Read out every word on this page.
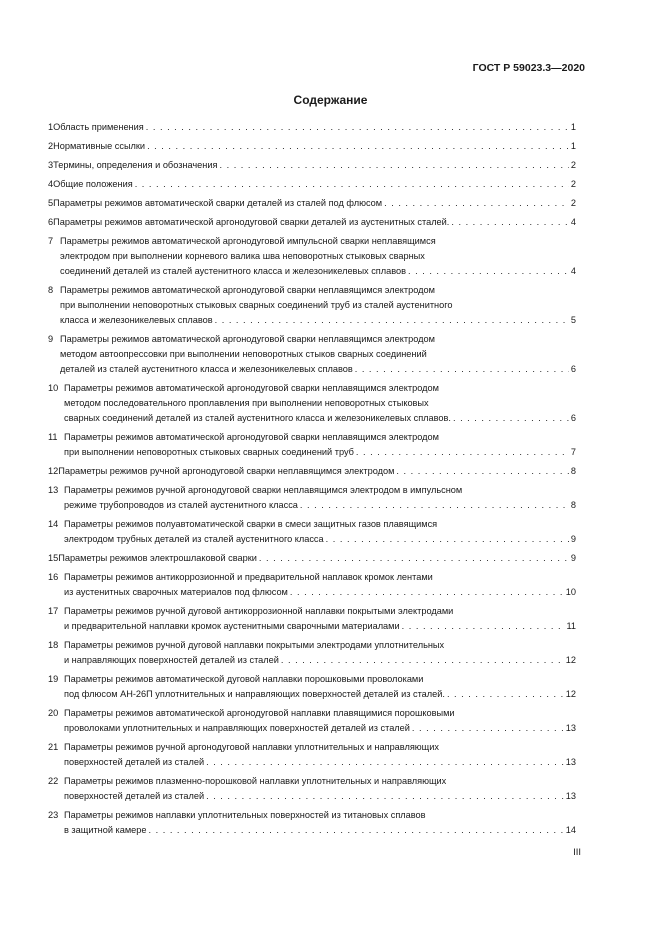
ГОСТ Р 59023.3—2020
Содержание
1 Область применения . . .	1
2 Нормативные ссылки . . .	1
3 Термины, определения и обозначения . . .	2
4 Общие положения . . .	2
5 Параметры режимов автоматической сварки деталей из сталей под флюсом . . .	2
6 Параметры режимов автоматической аргонодуговой сварки деталей из аустенитных сталей. . . .	4
7 Параметры режимов автоматической аргонодуговой импульсной сварки неплавящимся
электродом при выполнении корневого валика шва неповоротных стыковых сварных
соединений деталей из сталей аустенитного класса и железоникелевых сплавов . . .	4
8 Параметры режимов автоматической аргонодуговой сварки неплавящимся электродом
при выполнении неповоротных стыковых сварных соединений труб из сталей аустенитного
класса и железоникелевых сплавов . . .	5
9 Параметры режимов автоматической аргонодуговой сварки неплавящимся электродом
методом автоопрессовки при выполнении неповоротных стыков сварных соединений
деталей из сталей аустенитного класса и железоникелевых сплавов . . .	6
10 Параметры режимов автоматической аргонодуговой сварки неплавящимся электродом
методом последовательного проплавления при выполнении неповоротных стыковых
сварных соединений деталей из сталей аустенитного класса и железоникелевых сплавов. . . .	6
11 Параметры режимов автоматической аргонодуговой сварки неплавящимся электродом
при выполнении неповоротных стыковых сварных соединений труб . . .	7
12 Параметры режимов ручной аргонодуговой сварки неплавящимся электродом . . .	8
13 Параметры режимов ручной аргонодуговой сварки неплавящимся электродом в импульсном
режиме трубопроводов из сталей аустенитного класса . . .	8
14 Параметры режимов полуавтоматической сварки в смеси защитных газов плавящимся
электродом трубных деталей из сталей аустенитного класса . . .	9
15 Параметры режимов электрошлаковой сварки . . .	9
16 Параметры режимов антикоррозионной и предварительной наплавок кромок лентами
из аустенитных сварочных материалов под флюсом . . .	10
17 Параметры режимов ручной дуговой антикоррозионной наплавки покрытыми электродами
и предварительной наплавки кромок аустенитными сварочными материалами . . .	11
18 Параметры режимов ручной дуговой наплавки покрытыми электродами уплотнительных
и направляющих поверхностей деталей из сталей . . .	12
19 Параметры режимов автоматической дуговой наплавки порошковыми проволоками
под флюсом АН-26П уплотнительных и направляющих поверхностей деталей из сталей. . . .	12
20 Параметры режимов автоматической аргонодуговой наплавки плавящимися порошковыми
проволоками уплотнительных и направляющих поверхностей деталей из сталей . . .	13
21 Параметры режимов ручной аргонодуговой наплавки уплотнительных и направляющих
поверхностей деталей из сталей . . .	13
22 Параметры режимов плазменно-порошковой наплавки уплотнительных и направляющих
поверхностей деталей из сталей . . .	13
23 Параметры режимов наплавки уплотнительных поверхностей из титановых сплавов
в защитной камере . . .	14
III
